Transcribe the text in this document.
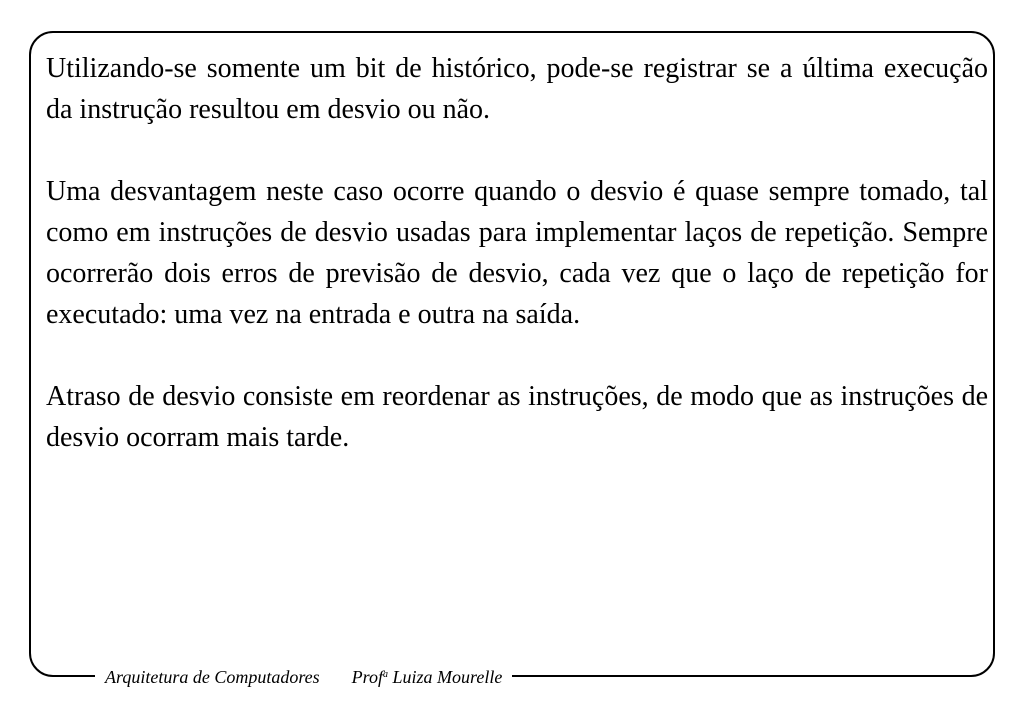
Utilizando-se somente um bit de histórico, pode-se registrar se a última execução da instrução resultou em desvio ou não.

Uma desvantagem neste caso ocorre quando o desvio é quase sempre tomado, tal como em instruções de desvio usadas para implementar laços de repetição. Sempre ocorrerão dois erros de previsão de desvio, cada vez que o laço de repetição for executado: uma vez na entrada e outra na saída.

Atraso de desvio consiste em reordenar as instruções, de modo que as instruções de desvio ocorram mais tarde.

Arquitetura de Computadores Prof$^a$ Luiza Mourelle
